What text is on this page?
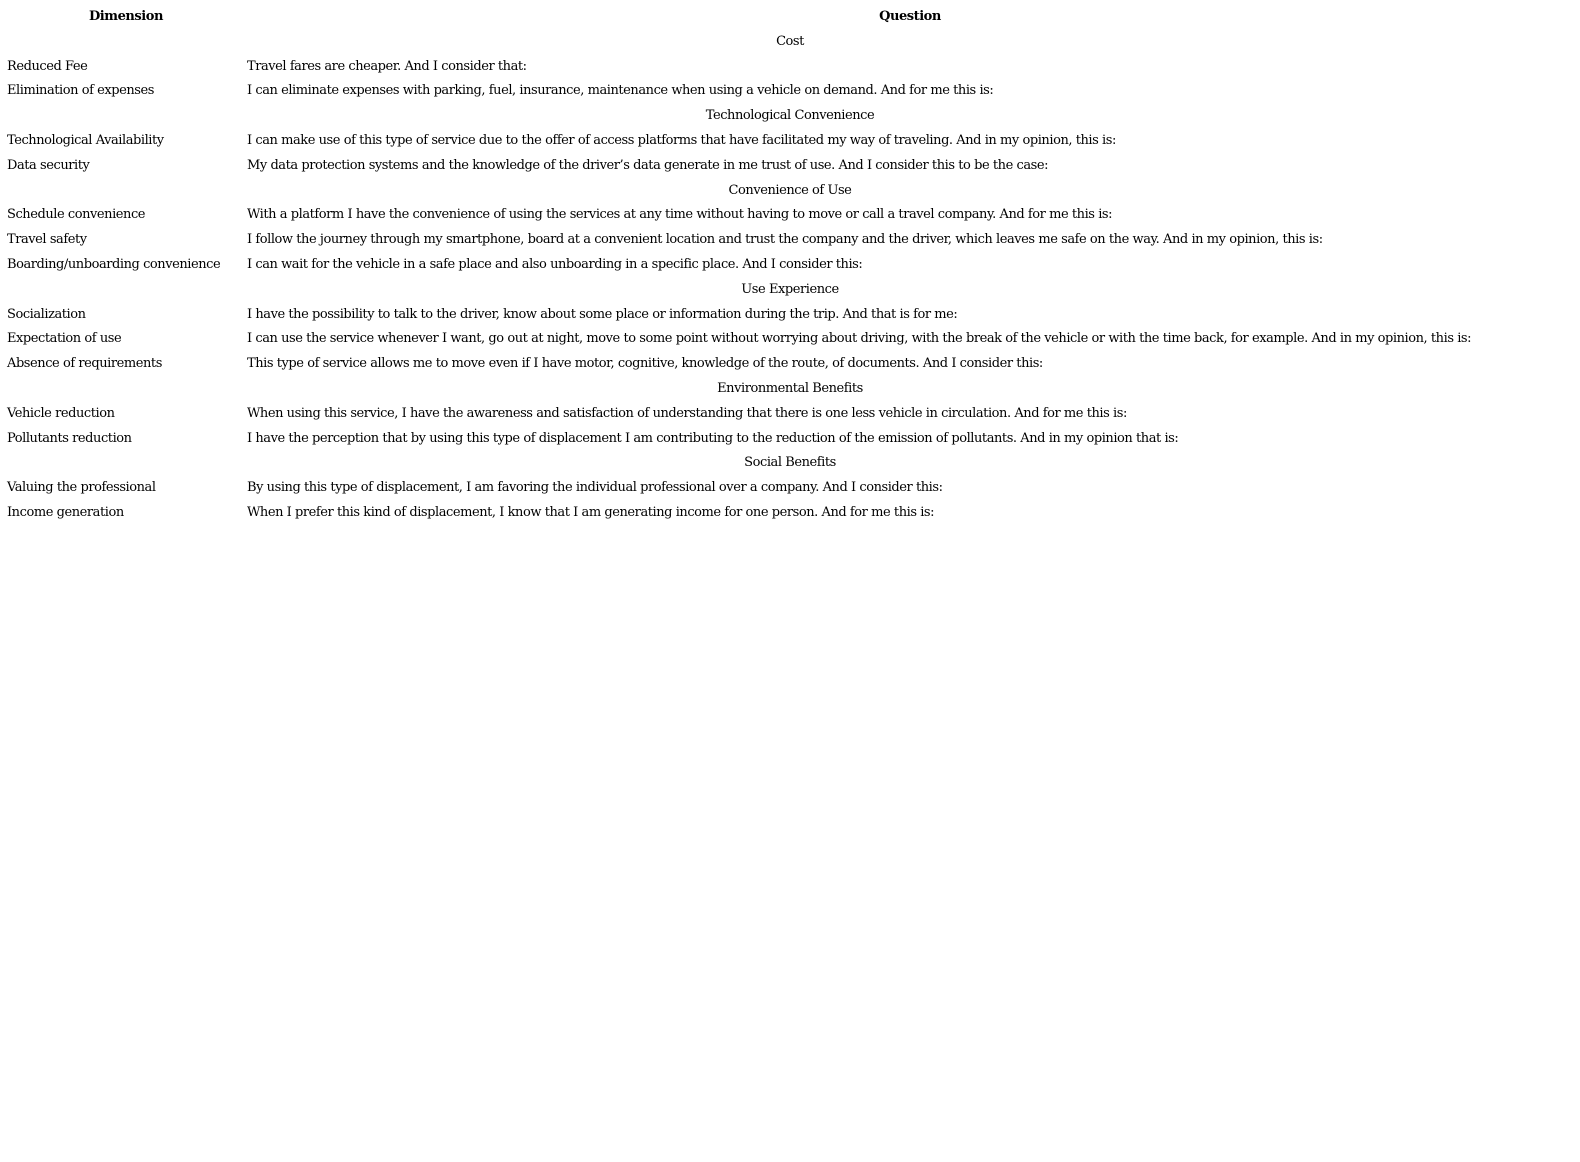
Dimension	Question
Cost	
Reduced Fee	Travel fares are cheaper. And I consider that:
Elimination of expenses	I can eliminate expenses with parking, fuel, insurance, maintenance when using a vehicle on demand. And for me this is:
Technological Convenience	
Technological Availability	I can make use of this type of service due to the offer of access platforms that have facilitated my way of traveling. And in my opinion, this is:
Data security	My data protection systems and the knowledge of the driver’s data generate in me trust of use. And I consider this to be the case:
Convenience of Use	
Schedule convenience	With a platform I have the convenience of using the services at any time without having to move or call a travel company. And for me this is:
Travel safety	I follow the journey through my smartphone, board at a convenient location and trust the company and the driver, which leaves me safe on the way. And in my opinion, this is:
Boarding/unboarding convenience	I can wait for the vehicle in a safe place and also unboarding in a specific place. And I consider this:
Use Experience	
Socialization	I have the possibility to talk to the driver, know about some place or information during the trip. And that is for me:
Expectation of use	I can use the service whenever I want, go out at night, move to some point without worrying about driving, with the break of the vehicle or with the time back, for example. And in my opinion, this is:
Absence of requirements	This type of service allows me to move even if I have motor, cognitive, knowledge of the route, of documents. And I consider this:
Environmental Benefits	
Vehicle reduction	When using this service, I have the awareness and satisfaction of understanding that there is one less vehicle in circulation. And for me this is:
Pollutants reduction	I have the perception that by using this type of displacement I am contributing to the reduction of the emission of pollutants. And in my opinion that is:
Social Benefits	
Valuing the professional	By using this type of displacement, I am favoring the individual professional over a company. And I consider this:
Income generation	When I prefer this kind of displacement, I know that I am generating income for one person. And for me this is:
